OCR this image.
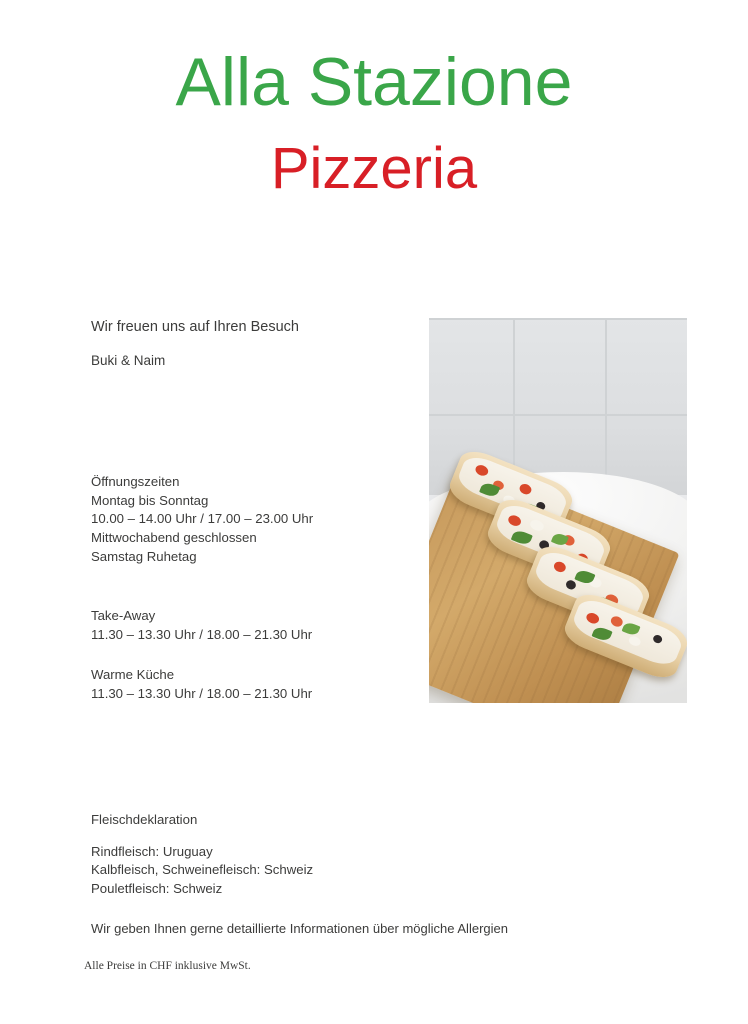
Alla Stazione
Pizzeria

Wir freuen uns auf Ihren Besuch

Buki & Naim

Öffnungszeiten
Montag bis Sonntag
10.00 – 14.00 Uhr / 17.00 – 23.00 Uhr
Mittwochabend geschlossen
Samstag Ruhetag
Take-Away
11.30 – 13.30 Uhr / 18.00 – 21.30 Uhr
Warme Küche
11.30 – 13.30 Uhr / 18.00 – 21.30 Uhr
Fleischdeklaration
Rindfleisch: Uruguay
Kalbfleisch, Schweinefleisch: Schweiz
Pouletfleisch: Schweiz
Wir geben Ihnen gerne detaillierte Informationen über mögliche Allergien
Alle Preise in CHF inklusive MwSt.
